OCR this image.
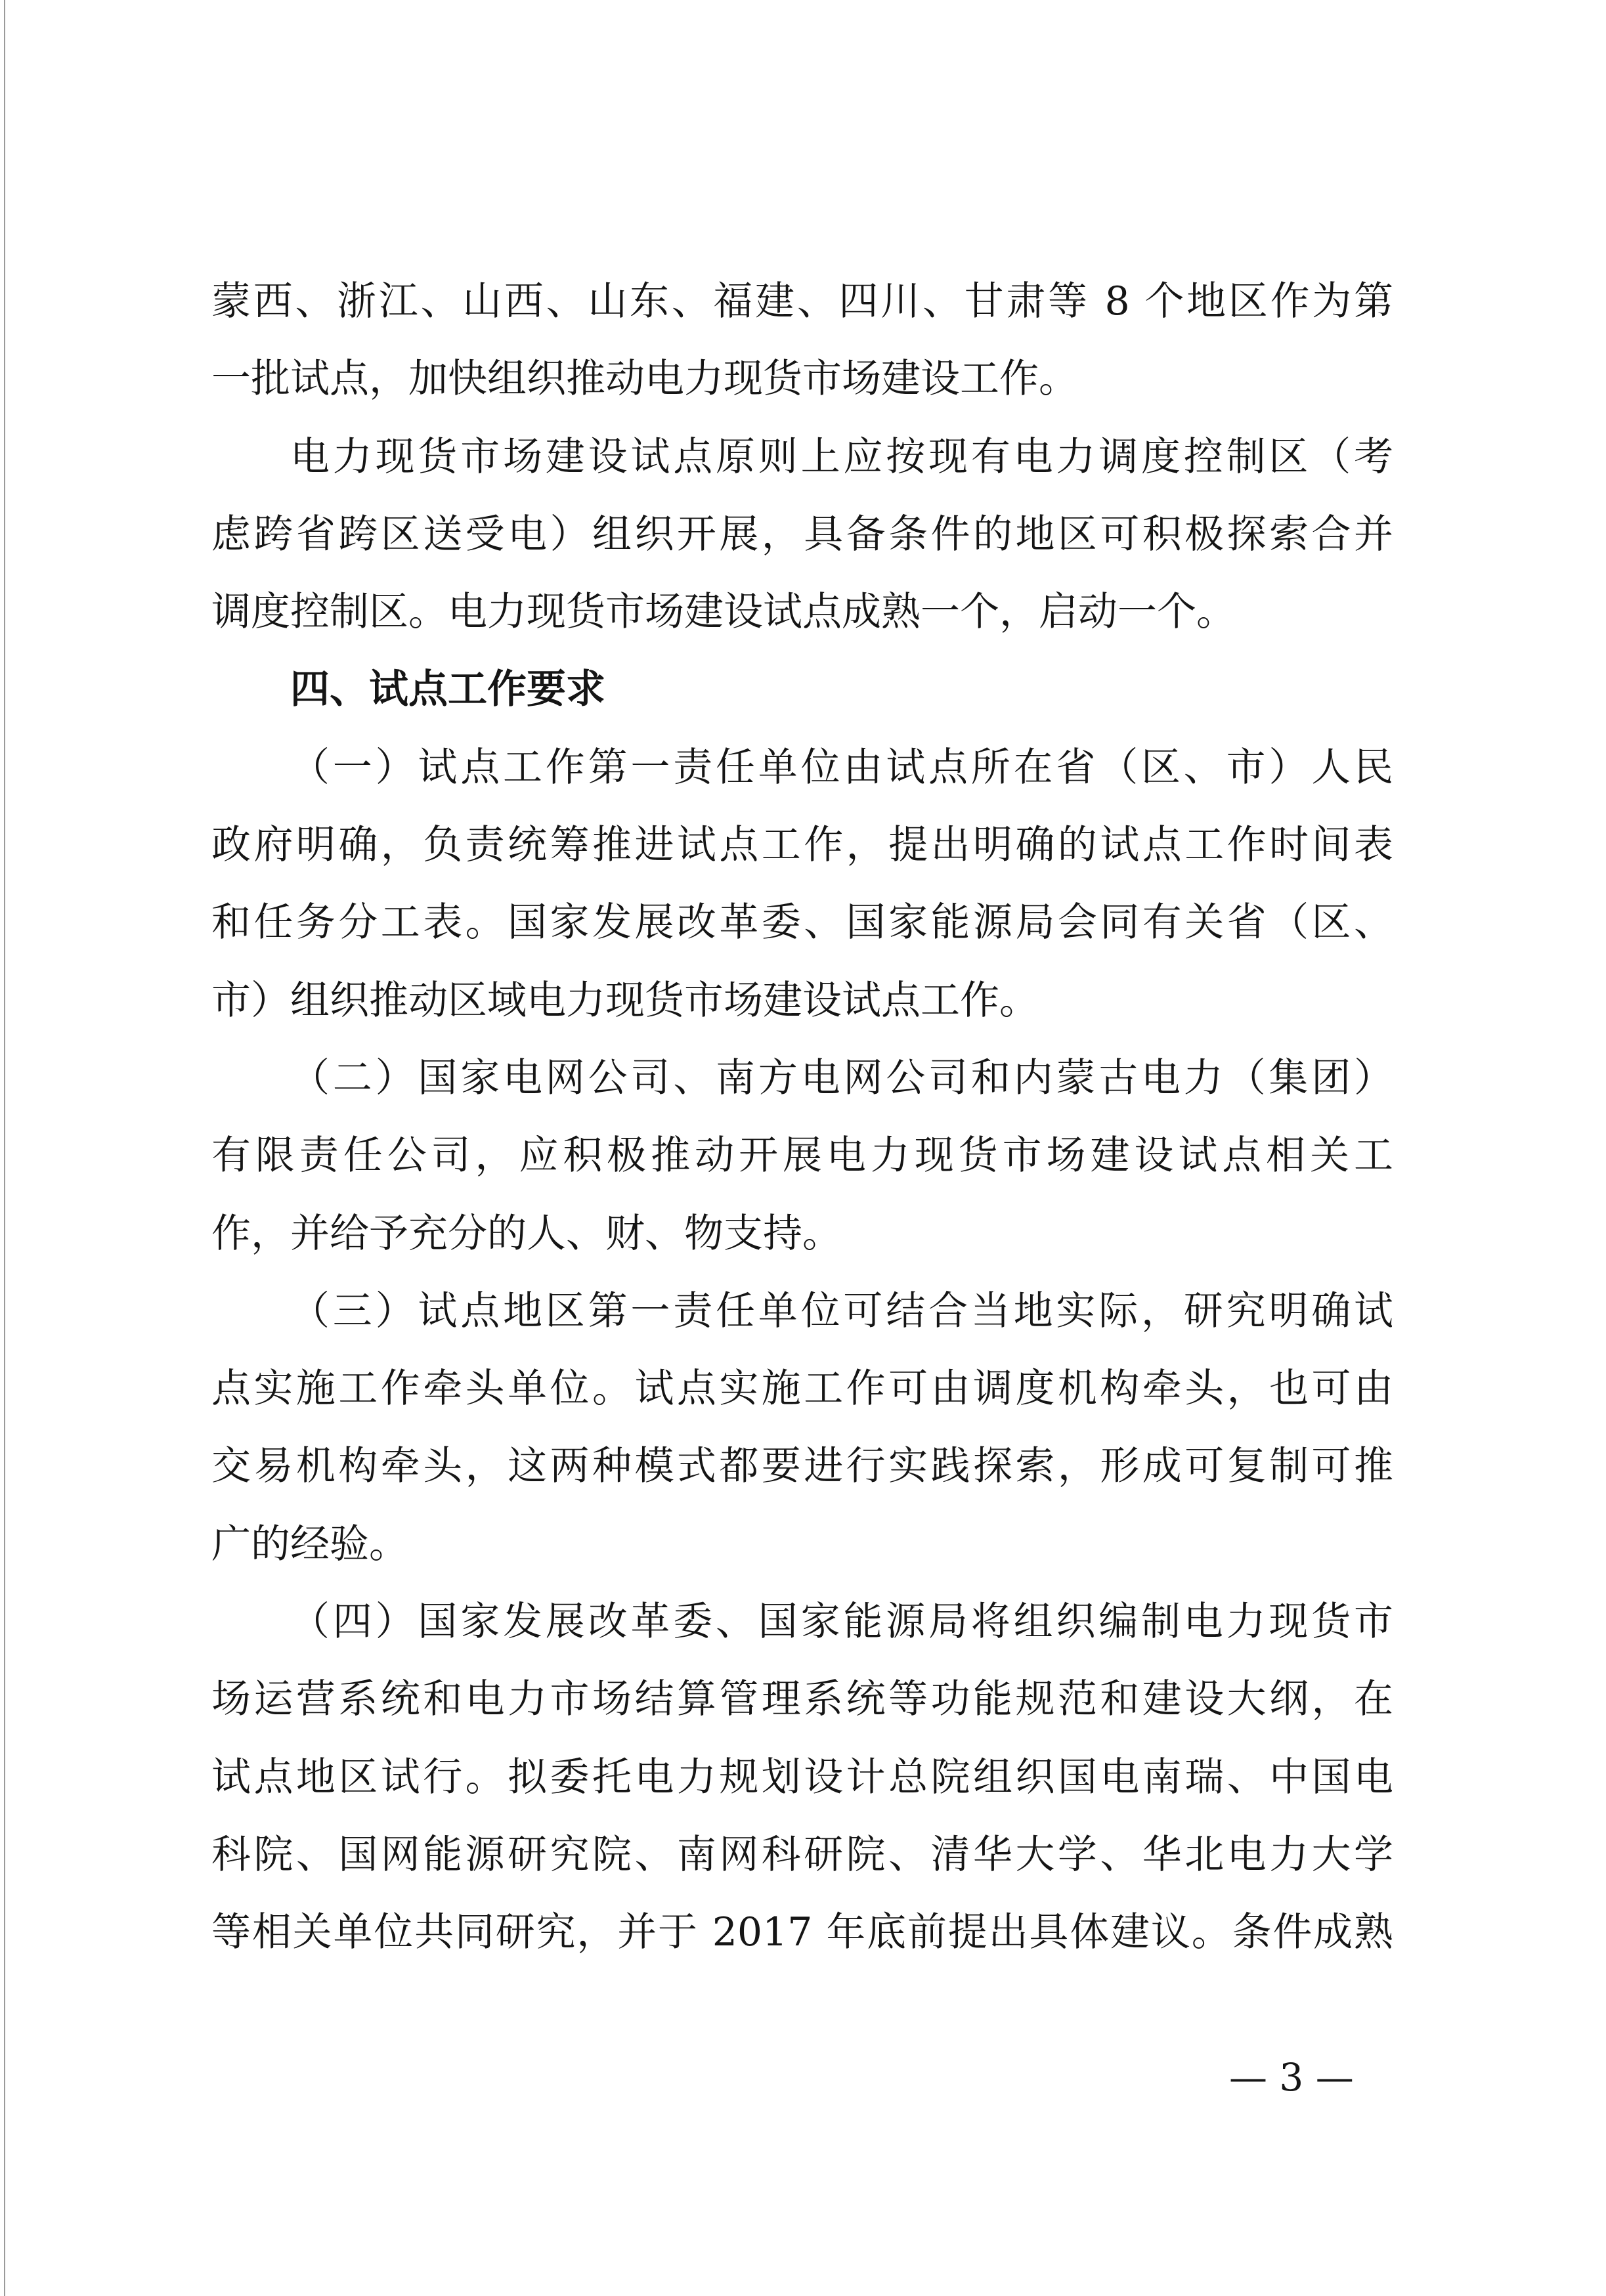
蒙西、浙江、山西、山东、福建、四川、甘肃等 8 个地区作为第
一批试点，加快组织推动电力现货市场建设工作。
电力现货市场建设试点原则上应按现有电力调度控制区（考
虑跨省跨区送受电）组织开展，具备条件的地区可积极探索合并
调度控制区。电力现货市场建设试点成熟一个，启动一个。
四、试点工作要求
（一）试点工作第一责任单位由试点所在省（区、市）人民
政府明确，负责统筹推进试点工作，提出明确的试点工作时间表
和任务分工表。国家发展改革委、国家能源局会同有关省（区、
市）组织推动区域电力现货市场建设试点工作。
（二）国家电网公司、南方电网公司和内蒙古电力（集团）
有限责任公司，应积极推动开展电力现货市场建设试点相关工
作，并给予充分的人、财、物支持。
（三）试点地区第一责任单位可结合当地实际，研究明确试
点实施工作牵头单位。试点实施工作可由调度机构牵头，也可由
交易机构牵头，这两种模式都要进行实践探索，形成可复制可推
广的经验。
（四）国家发展改革委、国家能源局将组织编制电力现货市
场运营系统和电力市场结算管理系统等功能规范和建设大纲，在
试点地区试行。拟委托电力规划设计总院组织国电南瑞、中国电
科院、国网能源研究院、南网科研院、清华大学、华北电力大学
等相关单位共同研究，并于 2017 年底前提出具体建议。条件成熟
— 3 —
